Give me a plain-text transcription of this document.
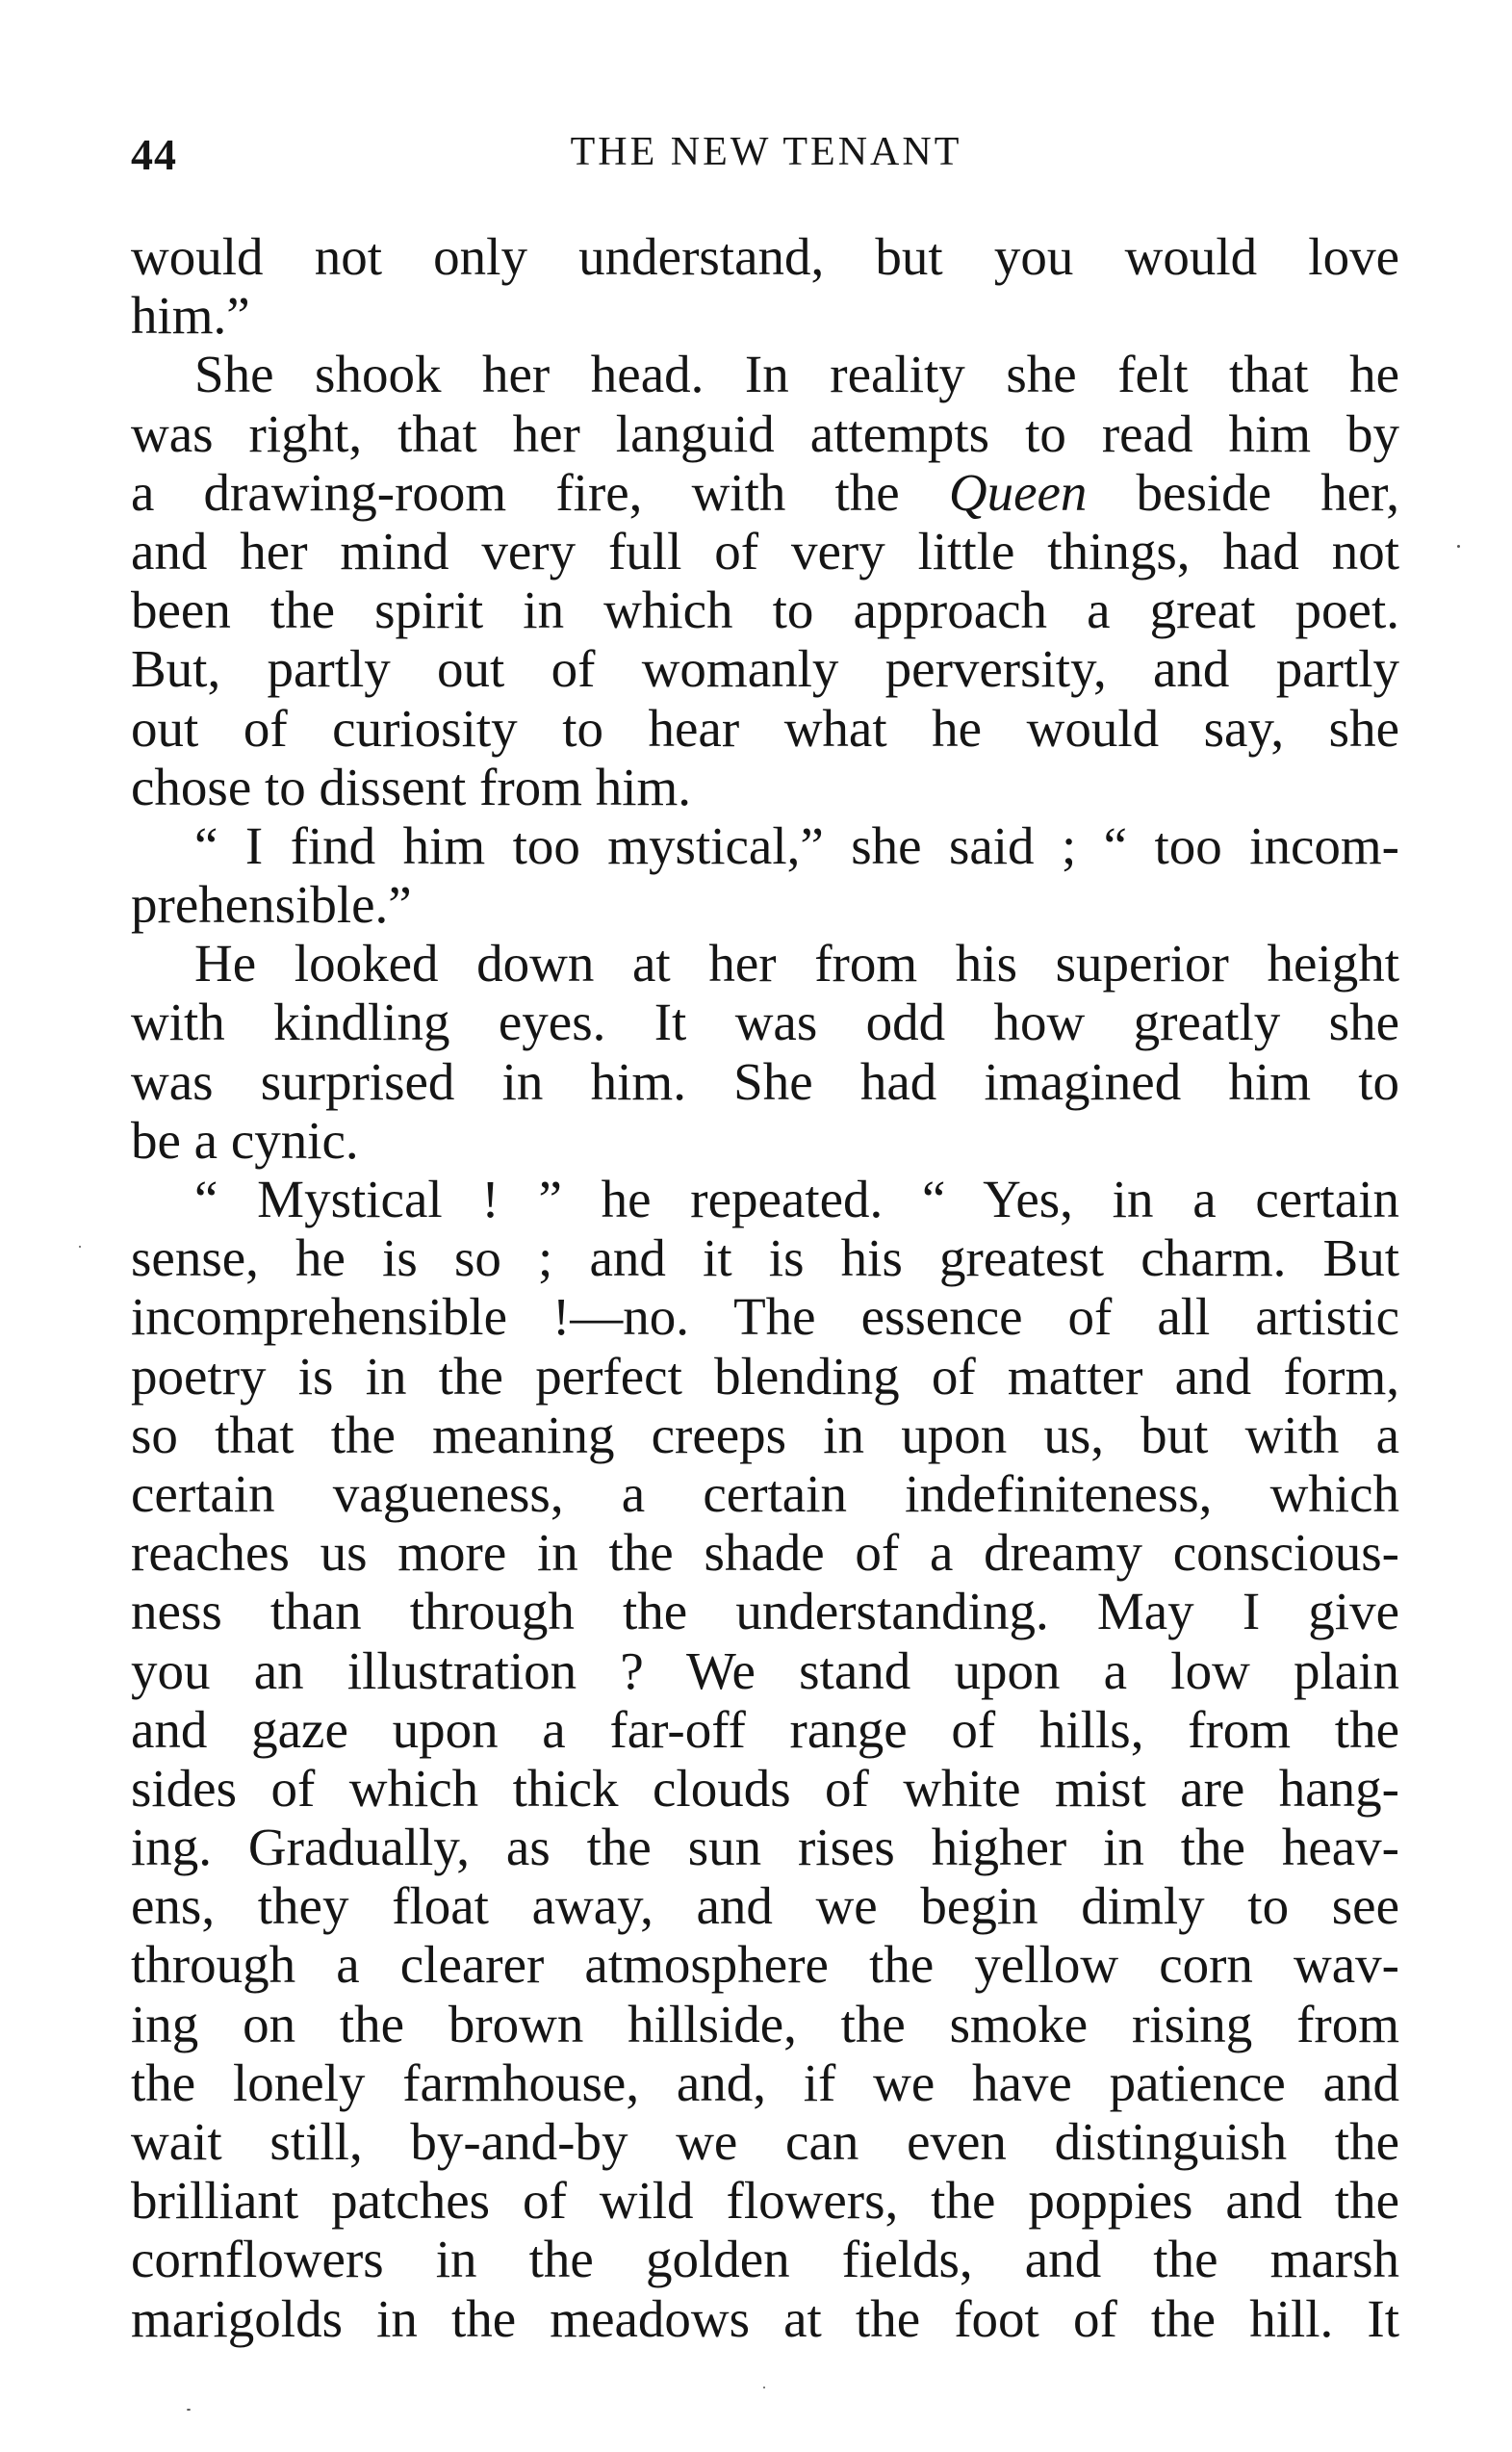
44	THE NEW TENANT
would not only understand, but you would love
him.”
She shook her head. In reality she felt that he
was right, that her languid attempts to read him by
a drawing-room fire, with the Queen beside her,
and her mind very full of very little things, had not
been the spirit in which to approach a great poet.
But, partly out of womanly perversity, and partly
out of curiosity to hear what he would say, she
chose to dissent from him.
“ I find him too mystical,” she said ; “ too incom-
prehensible.”
He looked down at her from his superior height
with kindling eyes. It was odd how greatly she
was surprised in him. She had imagined him to
be a cynic.
“ Mystical ! ” he repeated. “ Yes, in a certain
sense, he is so ; and it is his greatest charm. But
incomprehensible !—no. The essence of all artistic
poetry is in the perfect blending of matter and form,
so that the meaning creeps in upon us, but with a
certain vagueness, a certain indefiniteness, which
reaches us more in the shade of a dreamy conscious-
ness than through the understanding. May I give
you an illustration ? We stand upon a low plain
and gaze upon a far-off range of hills, from the
sides of which thick clouds of white mist are hang-
ing. Gradually, as the sun rises higher in the heav-
ens, they float away, and we begin dimly to see
through a clearer atmosphere the yellow corn wav-
ing on the brown hillside, the smoke rising from
the lonely farmhouse, and, if we have patience and
wait still, by-and-by we can even distinguish the
brilliant patches of wild flowers, the poppies and the
cornflowers in the golden fields, and the marsh
marigolds in the meadows at the foot of the hill. It
